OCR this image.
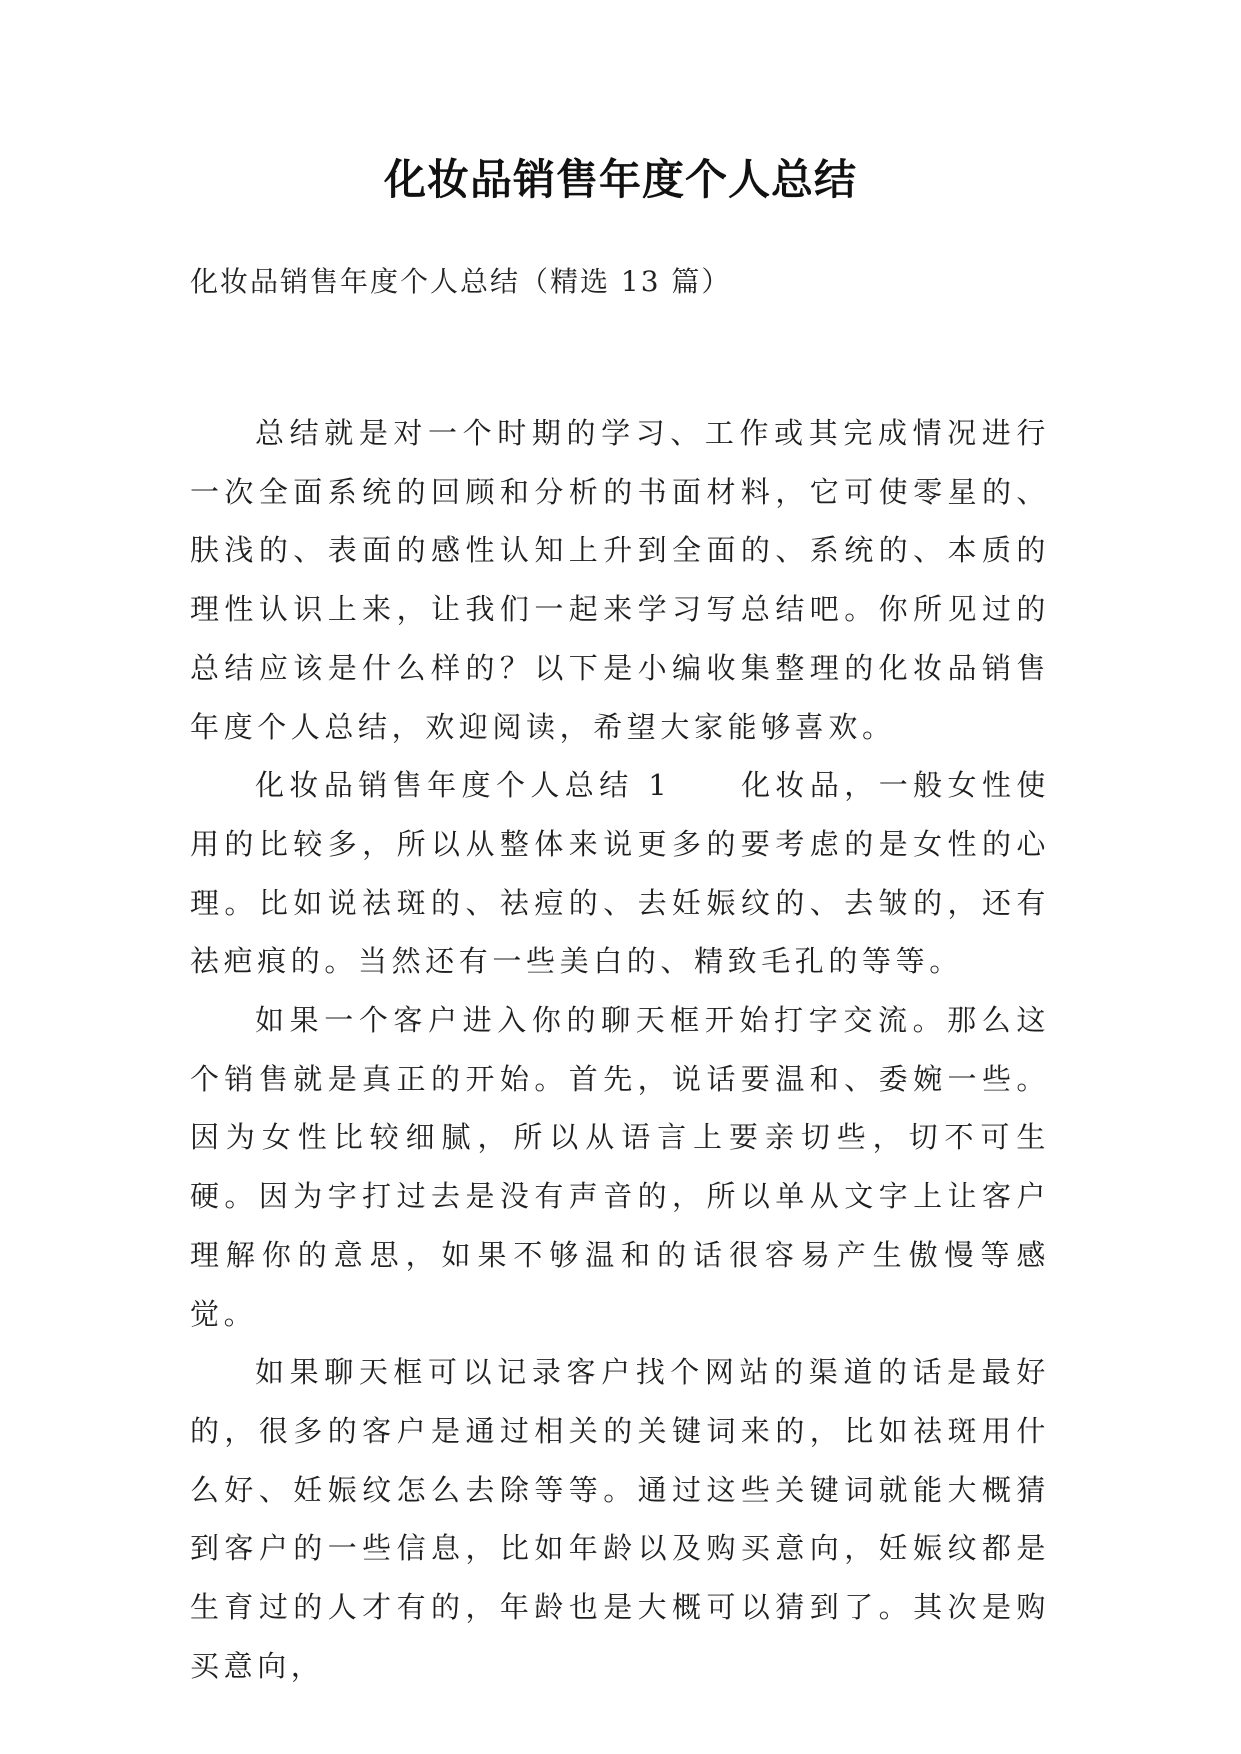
化妆品销售年度个人总结
化妆品销售年度个人总结（精选 13 篇）

总结就是对一个时期的学习、工作或其完成情况进行一次全面系统的回顾和分析的书面材料，它可使零星的、肤浅的、表面的感性认知上升到全面的、系统的、本质的理性认识上来，让我们一起来学习写总结吧。你所见过的总结应该是什么样的？以下是小编收集整理的化妆品销售年度个人总结，欢迎阅读，希望大家能够喜欢。

化妆品销售年度个人总结 1　　化妆品，一般女性使用的比较多，所以从整体来说更多的要考虑的是女性的心理。比如说祛斑的、祛痘的、去妊娠纹的、去皱的，还有祛疤痕的。当然还有一些美白的、精致毛孔的等等。

如果一个客户进入你的聊天框开始打字交流。那么这个销售就是真正的开始。首先，说话要温和、委婉一些。因为女性比较细腻，所以从语言上要亲切些，切不可生硬。因为字打过去是没有声音的，所以单从文字上让客户理解你的意思，如果不够温和的话很容易产生傲慢等感觉。

如果聊天框可以记录客户找个网站的渠道的话是最好的，很多的客户是通过相关的关键词来的，比如祛斑用什么好、妊娠纹怎么去除等等。通过这些关键词就能大概猜到客户的一些信息，比如年龄以及购买意向，妊娠纹都是生育过的人才有的，年龄也是大概可以猜到了。其次是购买意向，
